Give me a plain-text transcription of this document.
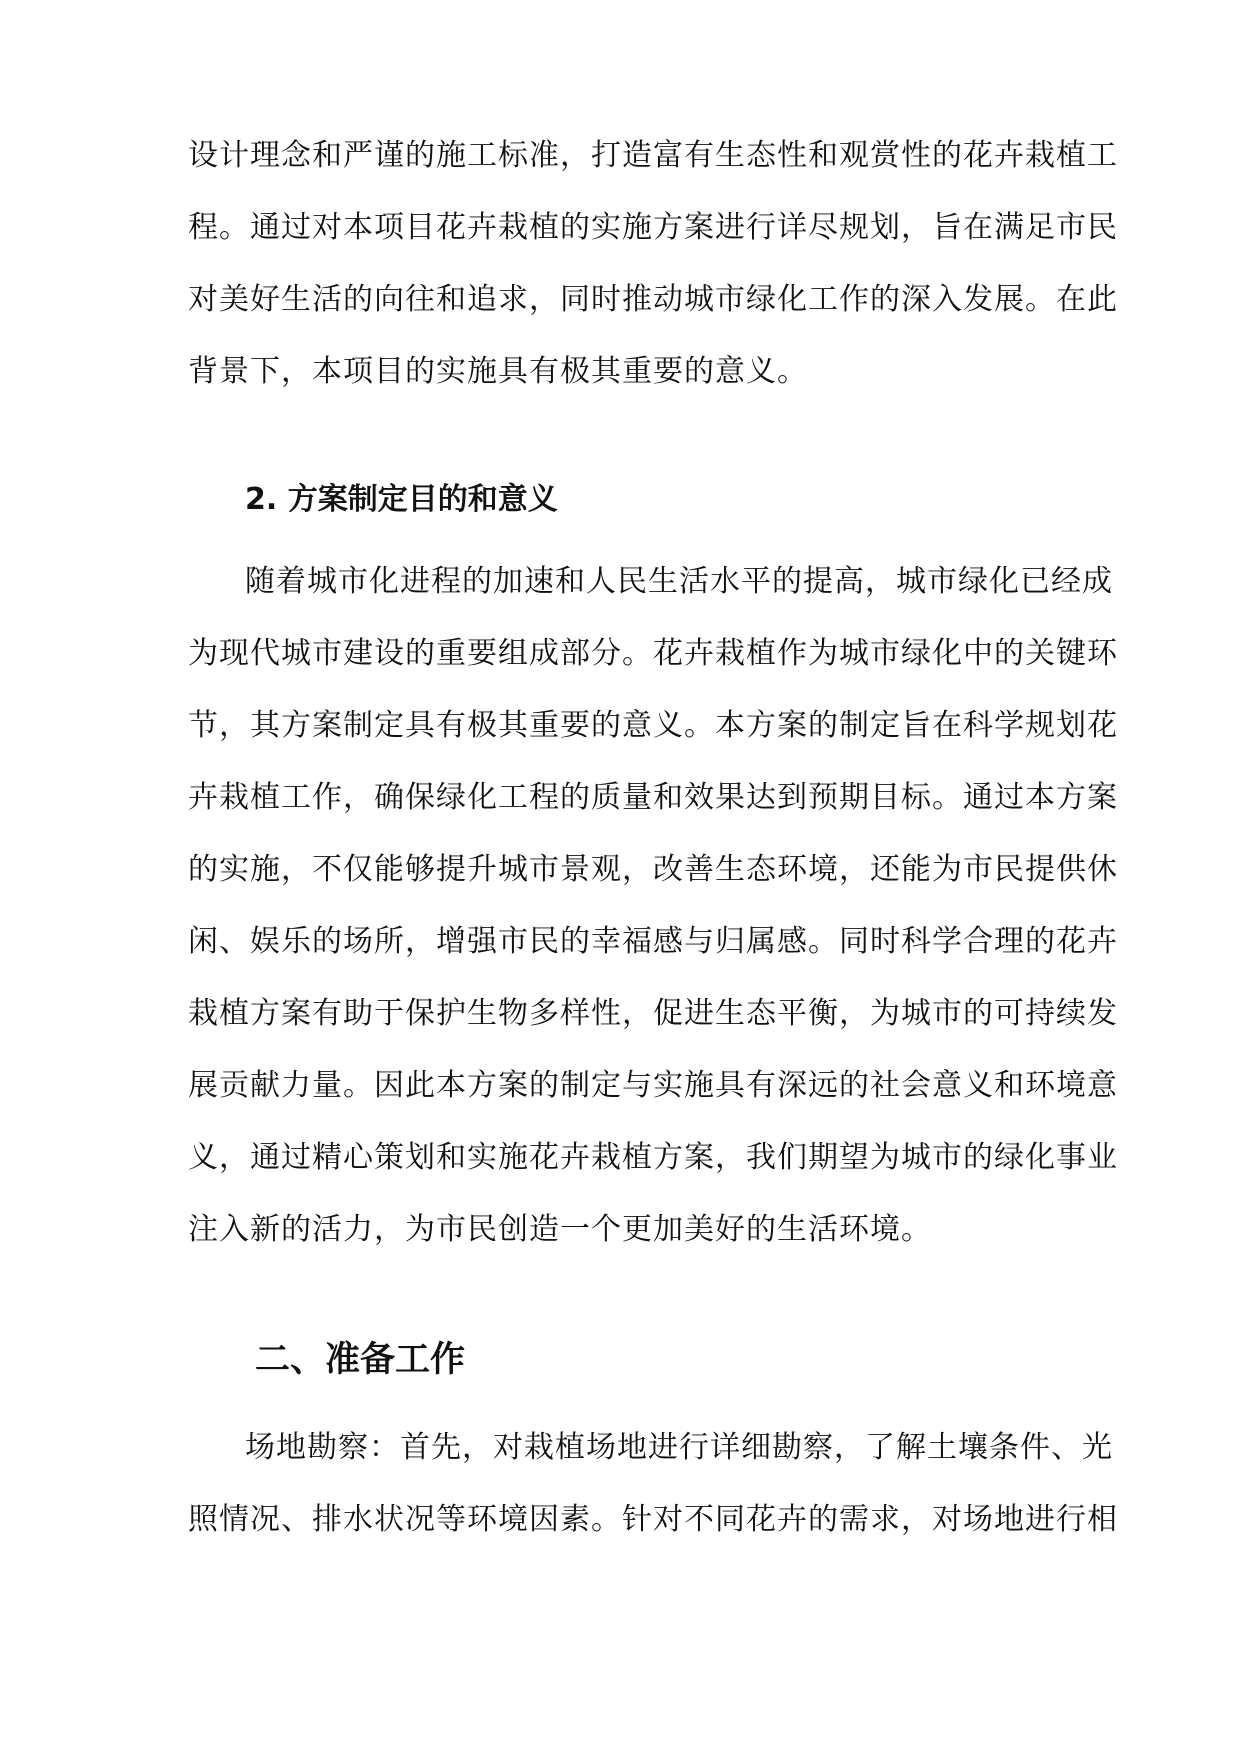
设计理念和严谨的施工标准，打造富有生态性和观赏性的花卉栽植工
程。通过对本项目花卉栽植的实施方案进行详尽规划，旨在满足市民
对美好生活的向往和追求，同时推动城市绿化工作的深入发展。在此
背景下，本项目的实施具有极其重要的意义。
2. 方案制定目的和意义
随着城市化进程的加速和人民生活水平的提高，城市绿化已经成
为现代城市建设的重要组成部分。花卉栽植作为城市绿化中的关键环
节，其方案制定具有极其重要的意义。本方案的制定旨在科学规划花
卉栽植工作，确保绿化工程的质量和效果达到预期目标。通过本方案
的实施，不仅能够提升城市景观，改善生态环境，还能为市民提供休
闲、娱乐的场所，增强市民的幸福感与归属感。同时科学合理的花卉
栽植方案有助于保护生物多样性，促进生态平衡，为城市的可持续发
展贡献力量。因此本方案的制定与实施具有深远的社会意义和环境意
义，通过精心策划和实施花卉栽植方案，我们期望为城市的绿化事业
注入新的活力，为市民创造一个更加美好的生活环境。
二、准备工作
场地勘察：首先，对栽植场地进行详细勘察，了解土壤条件、光
照情况、排水状况等环境因素。针对不同花卉的需求，对场地进行相
